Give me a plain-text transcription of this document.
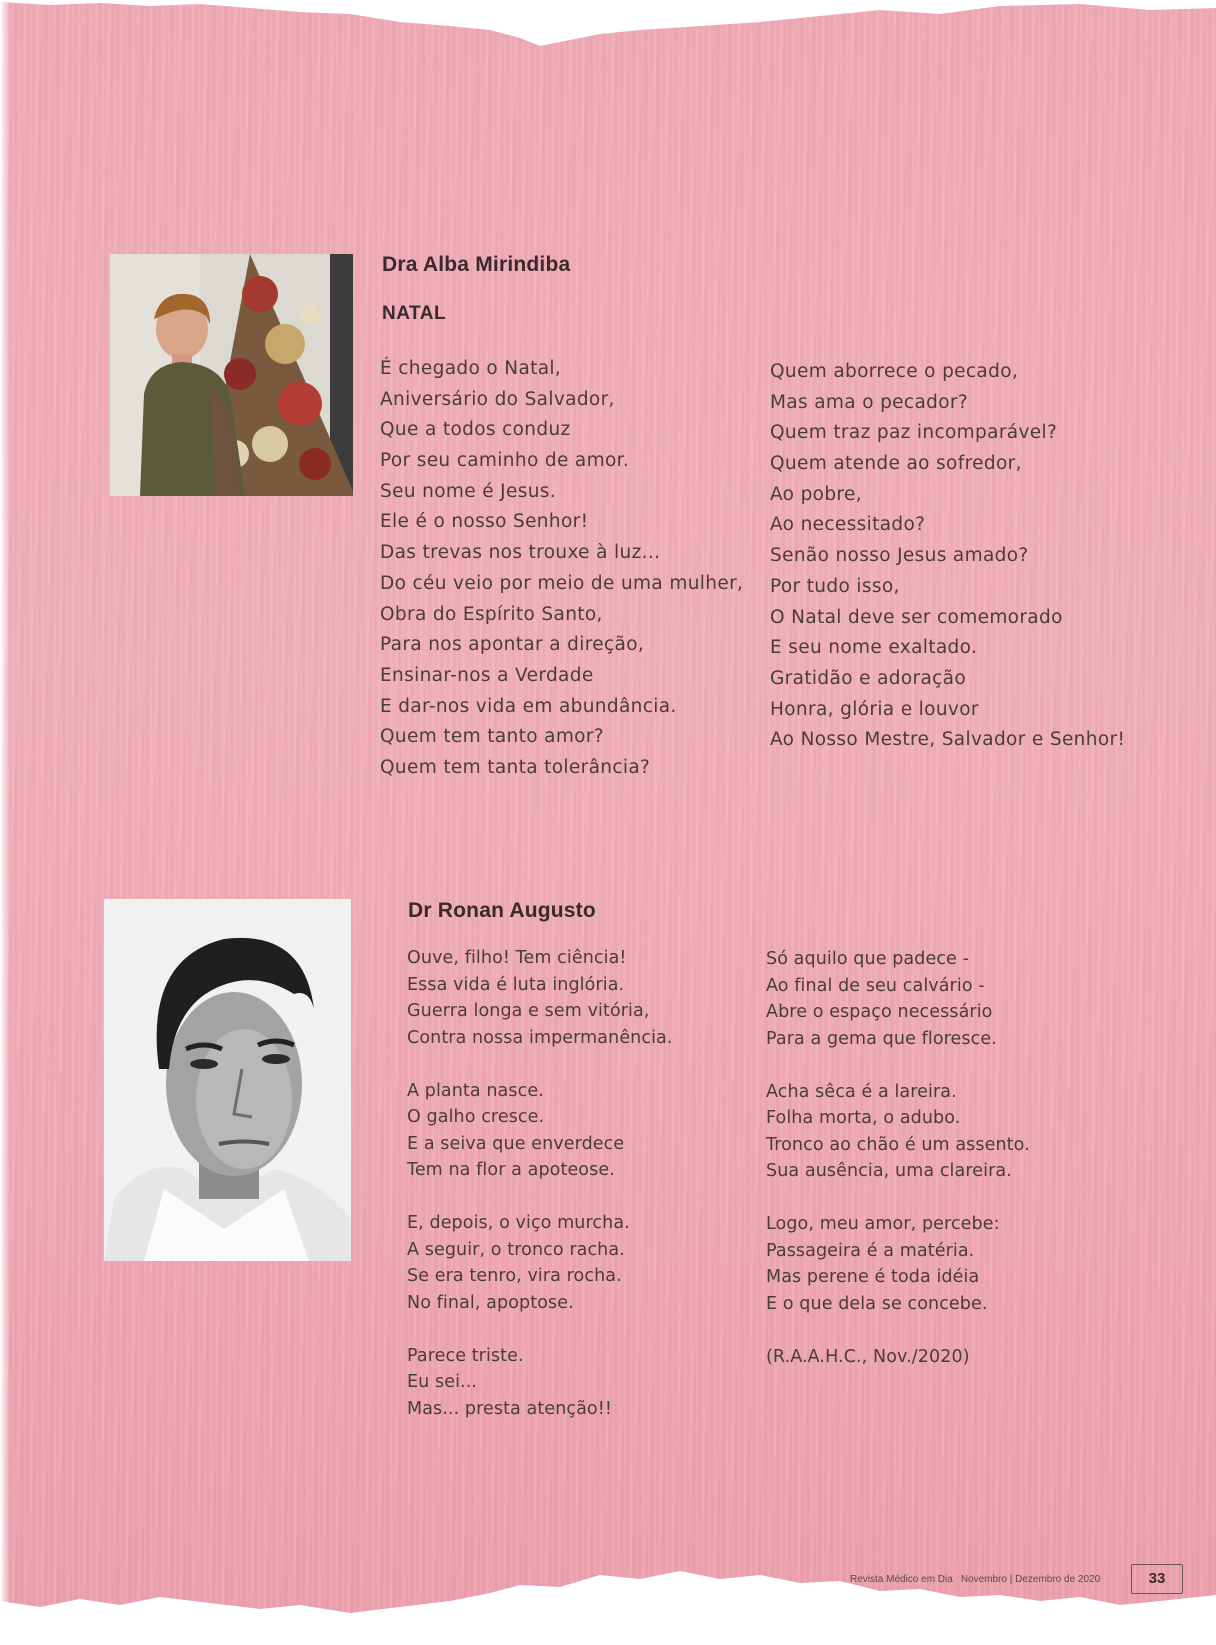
Dra Alba Mirindiba
NATAL
É chegado o Natal,
Aniversário do Salvador,
Que a todos conduz
Por seu caminho de amor.
Seu nome é Jesus.
Ele é o nosso Senhor!
Das trevas nos trouxe à luz...
Do céu veio por meio de uma mulher,
Obra do Espírito Santo,
Para nos apontar a direção,
Ensinar-nos a Verdade
E dar-nos vida em abundância.
Quem tem tanto amor?
Quem tem tanta tolerância?
Quem aborrece o pecado,
Mas ama o pecador?
Quem traz paz incomparável?
Quem atende ao sofredor,
Ao pobre,
Ao necessitado?
Senão nosso Jesus amado?
Por tudo isso,
O Natal deve ser comemorado
E seu nome exaltado.
Gratidão e adoração
Honra, glória e louvor
Ao Nosso Mestre, Salvador e Senhor!
Dr Ronan Augusto
Ouve, filho! Tem ciência!
Essa vida é luta inglória.
Guerra longa e sem vitória,
Contra nossa impermanência.
A planta nasce.
O galho cresce.
E a seiva que enverdece
Tem na flor a apoteose.
E, depois, o viço murcha.
A seguir, o tronco racha.
Se era tenro, vira rocha.
No final, apoptose.
Parece triste.
Eu sei...
Mas... presta atenção!!
Só aquilo que padece -
Ao final de seu calvário -
Abre o espaço necessário
Para a gema que floresce.
Acha sêca é a lareira.
Folha morta, o adubo.
Tronco ao chão é um assento.
Sua ausência, uma clareira.
Logo, meu amor, percebe:
Passageira é a matéria.
Mas perene é toda idéia
E o que dela se concebe.
(R.A.A.H.C., Nov./2020)
Revista Médico em Dia Novembro | Dezembro de 2020	33
